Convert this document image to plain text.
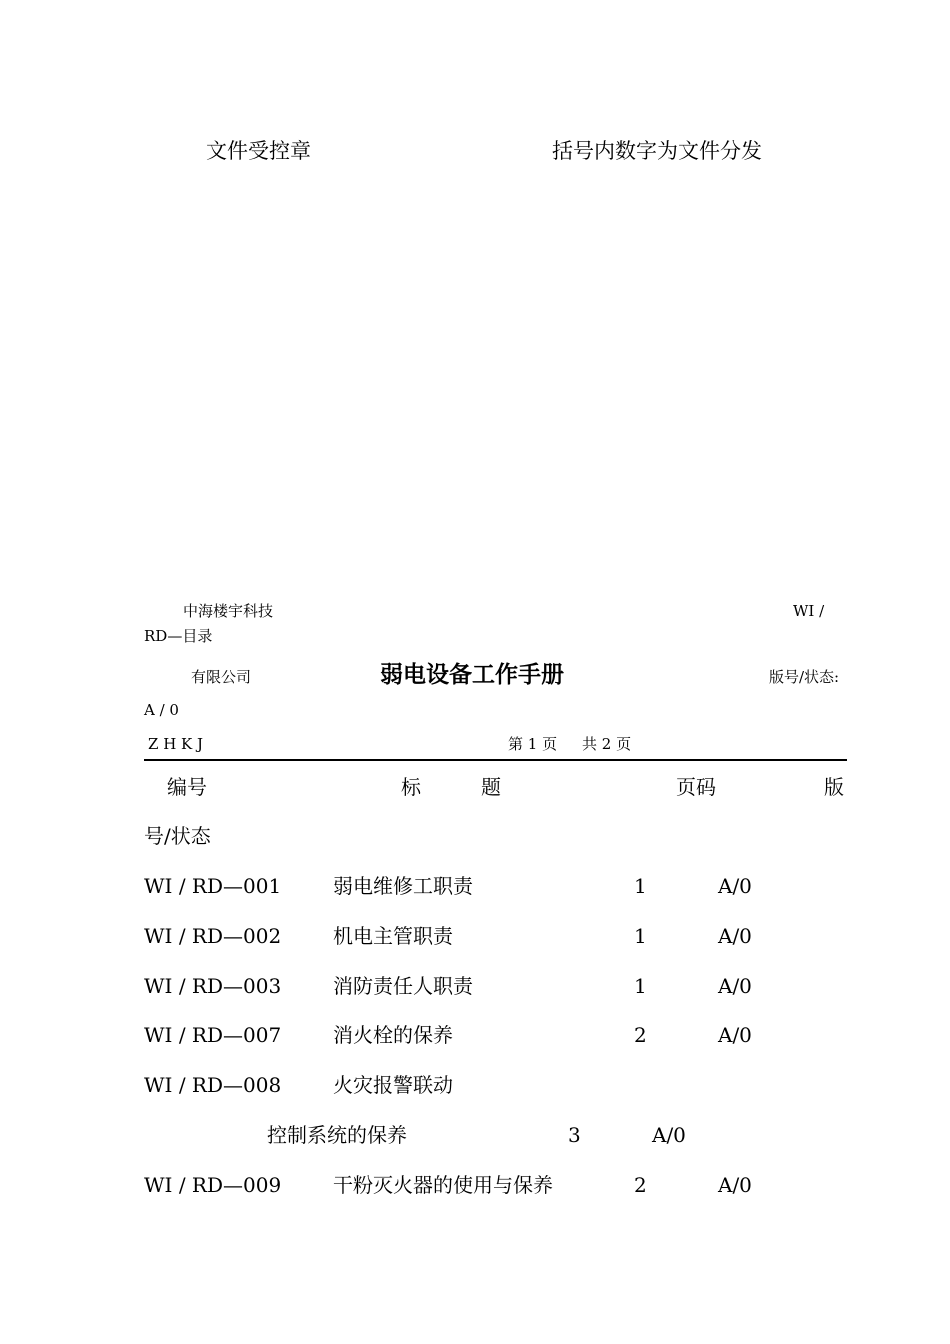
文件受控章	括号内数字为文件分发
中海楼宇科技	WI /
RD—目录
有限公司	弱电设备工作手册	版号/状态:
A / 0
Z H K J	第 1 页 共 2 页
编号	标	题	页码	版
号/状态
WI / RD—001	弱电维修工职责	1	A/0
WI / RD—002	机电主管职责	1	A/0
WI / RD—003	消防责任人职责	1	A/0
WI / RD—007	消火栓的保养	2	A/0
WI / RD—008	火灾报警联动
控制系统的保养	3	A/0
WI / RD—009	干粉灭火器的使用与保养	2	A/0
